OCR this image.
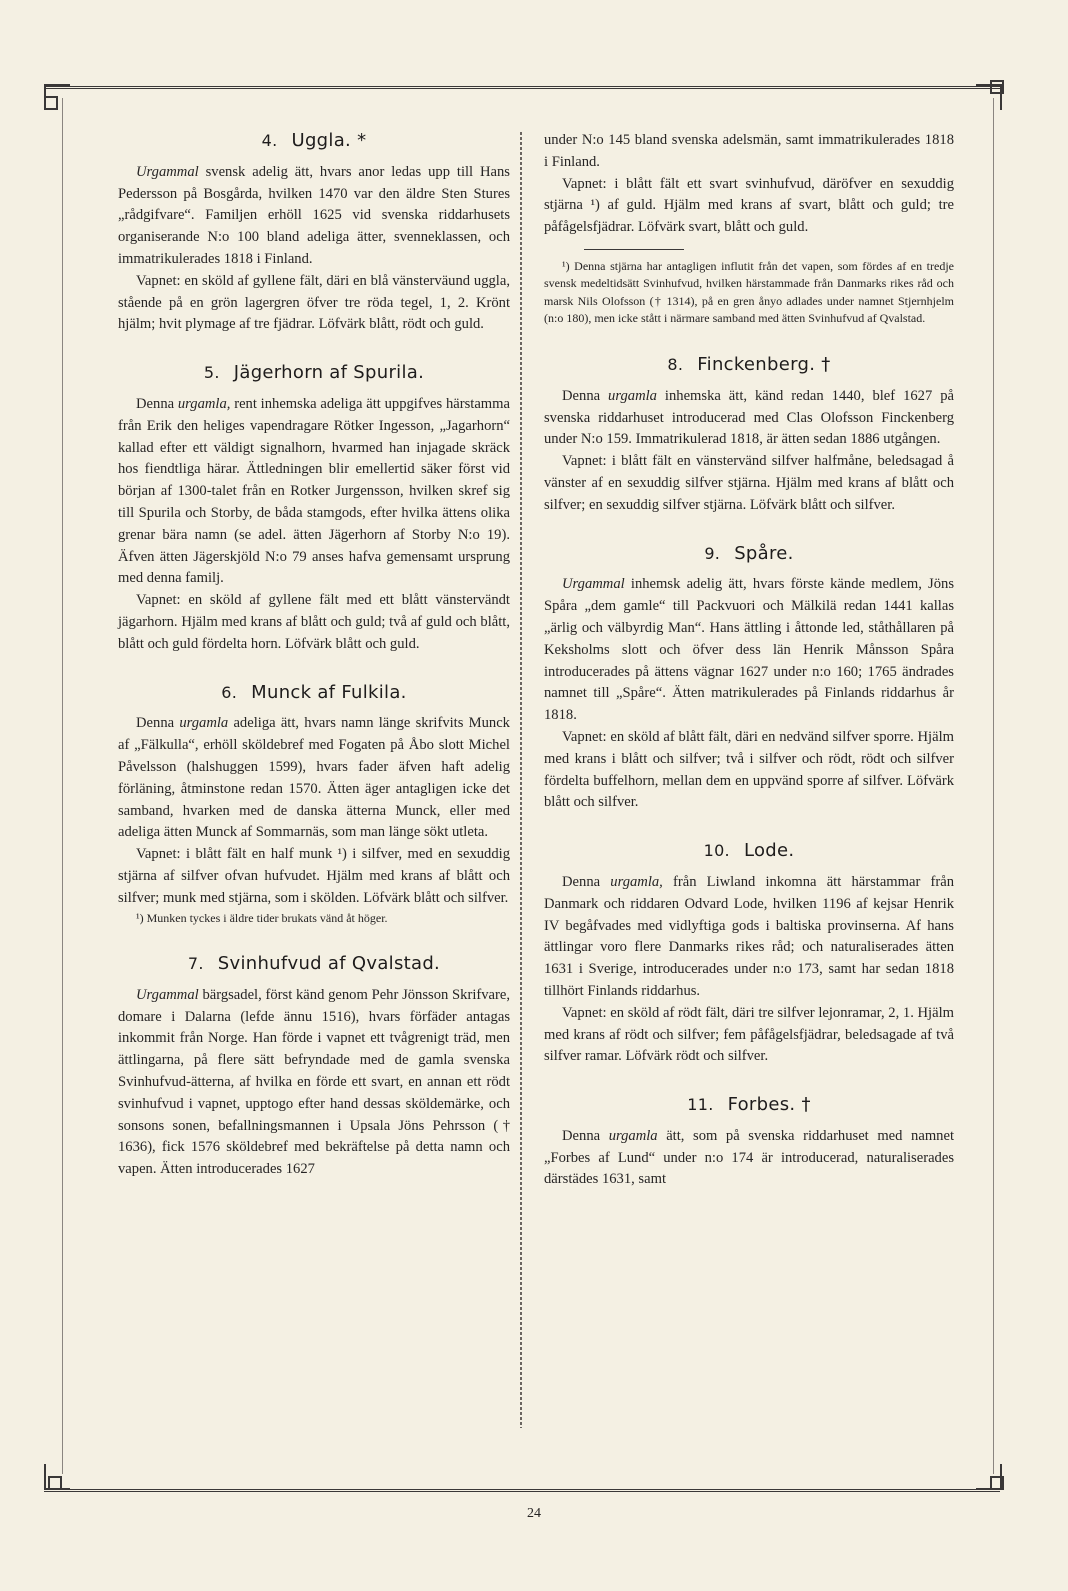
4. Uggla. *

Urgammal svensk adelig ätt, hvars anor ledas upp till Hans Pedersson på Bosgårda, hvilken 1470 var den äldre Sten Stures „rådgifvare“. Familjen erhöll 1625 vid svenska riddarhusets organiserande N:o 100 bland adeliga ätter, svenneklassen, och immatrikulerades 1818 i Finland.

Vapnet: en sköld af gyllene fält, däri en blå vänsterväund uggla, stående på en grön lagergren öfver tre röda tegel, 1, 2. Krönt hjälm; hvit plymage af tre fjädrar. Löfvärk blått, rödt och guld.

5. Jägerhorn af Spurila.

Denna urgamla, rent inhemska adeliga ätt uppgifves härstamma från Erik den heliges vapendragare Rötker Ingesson, „Jagarhorn“ kallad efter ett väldigt signalhorn, hvarmed han injagade skräck hos fiendtliga härar. Ättledningen blir emellertid säker först vid början af 1300-talet från en Rotker Jurgensson, hvilken skref sig till Spurila och Storby, de båda stamgods, efter hvilka ättens olika grenar bära namn (se adel. ätten Jägerhorn af Storby N:o 19). Äfven ätten Jägerskjöld N:o 79 anses hafva gemensamt ursprung med denna familj.

Vapnet: en sköld af gyllene fält med ett blått vänstervändt jägarhorn. Hjälm med krans af blått och guld; två af guld och blått, blått och guld fördelta horn. Löfvärk blått och guld.

6. Munck af Fulkila.

Denna urgamla adeliga ätt, hvars namn länge skrifvits Munck af „Fälkulla“, erhöll sköldebref med Fogaten på Åbo slott Michel Påvelsson (halshuggen 1599), hvars fader äfven haft adelig förläning, åtminstone redan 1570. Ätten äger antagligen icke det samband, hvarken med de danska ätterna Munck, eller med adeliga ätten Munck af Sommarnäs, som man länge sökt utleta.

Vapnet: i blått fält en half munk ¹) i silfver, med en sexuddig stjärna af silfver ofvan hufvudet. Hjälm med krans af blått och silfver; munk med stjärna, som i skölden. Löfvärk blått och silfver.

¹) Munken tyckes i äldre tider brukats vänd åt höger.

7. Svinhufvud af Qvalstad.

Urgammal bärgsadel, först känd genom Pehr Jönsson Skrifvare, domare i Dalarna (lefde ännu 1516), hvars förfäder antagas inkommit från Norge. Han förde i vapnet ett tvågrenigt träd, men ättlingarna, på flere sätt befryndade med de gamla svenska Svinhufvud-ätterna, af hvilka en förde ett svart, en annan ett rödt svinhufvud i vapnet, upptogo efter hand dessas sköldemärke, och sonsons sonen, befallningsmannen i Upsala Jöns Pehrsson († 1636), fick 1576 sköldebref med bekräftelse på detta namn och vapen. Ätten introducerades 1627

under N:o 145 bland svenska adelsmän, samt immatrikulerades 1818 i Finland.

Vapnet: i blått fält ett svart svinhufvud, däröfver en sexuddig stjärna ¹) af guld. Hjälm med krans af svart, blått och guld; tre påfågelsfjädrar. Löfvärk svart, blått och guld.

¹) Denna stjärna har antagligen influtit från det vapen, som fördes af en tredje svensk medeltidsätt Svinhufvud, hvilken härstammade från Danmarks rikes råd och marsk Nils Olofsson († 1314), på en gren ånyo adlades under namnet Stjernhjelm (n:o 180), men icke stått i närmare samband med ätten Svinhufvud af Qvalstad.

8. Finckenberg. †

Denna urgamla inhemska ätt, känd redan 1440, blef 1627 på svenska riddarhuset introducerad med Clas Olofsson Finckenberg under N:o 159. Immatrikulerad 1818, är ätten sedan 1886 utgången.

Vapnet: i blått fält en vänstervänd silfver halfmåne, beledsagad å vänster af en sexuddig silfver stjärna. Hjälm med krans af blått och silfver; en sexuddig silfver stjärna. Löfvärk blått och silfver.

9. Spåre.

Urgammal inhemsk adelig ätt, hvars förste kände medlem, Jöns Spåra „dem gamle“ till Packvuori och Mälkilä redan 1441 kallas „ärlig och välbyrdig Man“. Hans ättling i åttonde led, ståthållaren på Keksholms slott och öfver dess län Henrik Månsson Spåra introducerades på ättens vägnar 1627 under n:o 160; 1765 ändrades namnet till „Spåre“. Ätten matrikulerades på Finlands riddarhus år 1818.

Vapnet: en sköld af blått fält, däri en nedvänd silfver sporre. Hjälm med krans i blått och silfver; två i silfver och rödt, rödt och silfver fördelta buffelhorn, mellan dem en uppvänd sporre af silfver. Löfvärk blått och silfver.

10. Lode.

Denna urgamla, från Liwland inkomna ätt härstammar från Danmark och riddaren Odvard Lode, hvilken 1196 af kejsar Henrik IV begåfvades med vidlyftiga gods i baltiska provinserna. Af hans ättlingar voro flere Danmarks rikes råd; och naturaliserades ätten 1631 i Sverige, introducerades under n:o 173, samt har sedan 1818 tillhört Finlands riddarhus.

Vapnet: en sköld af rödt fält, däri tre silfver lejonramar, 2, 1. Hjälm med krans af rödt och silfver; fem påfågelsfjädrar, beledsagade af två silfver ramar. Löfvärk rödt och silfver.

11. Forbes. †

Denna urgamla ätt, som på svenska riddarhuset med namnet „Forbes af Lund“ under n:o 174 är introducerad, naturaliserades därstädes 1631, samt

24
